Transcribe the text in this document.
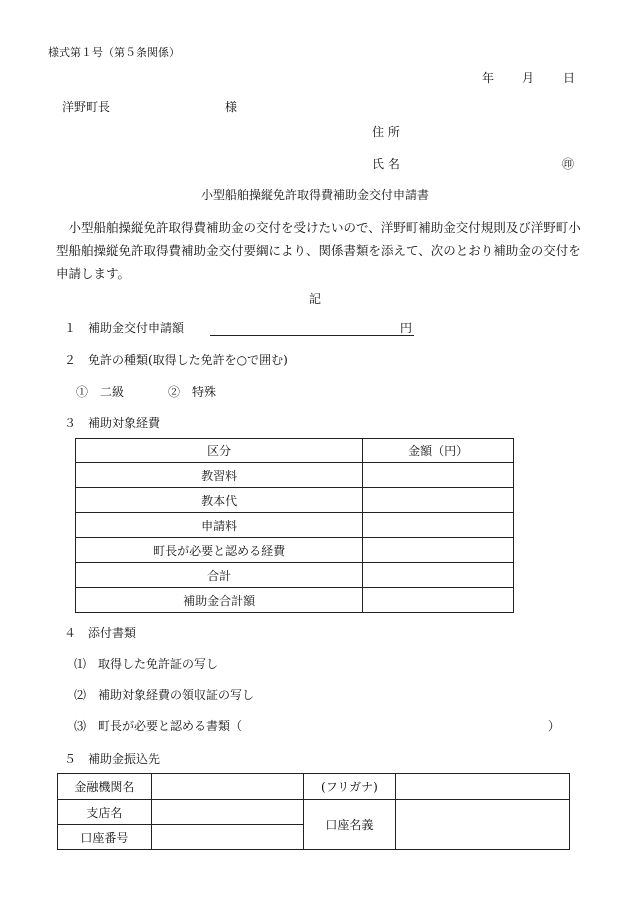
様式第１号（第５条関係）
年 月 日
洋野町長	様
住 所
氏 名	㊞
小型船舶操縦免許取得費補助金交付申請書
　小型船舶操縦免許取得費補助金の交付を受けたいので、洋野町補助金交付規則及び洋野町小型船舶操縦免許取得費補助金交付要綱により、関係書類を添えて、次のとおり補助金の交付を申請します。
記
１　補助金交付申請額	円
２　免許の種類(取得した免許を○で囲む)
①　二級	②　特殊
３　補助対象経費
区分	金額（円）
教習料	
教本代	
申請料	
町長が必要と認める経費	
合計	
補助金合計額	
４　添付書類
⑴　取得した免許証の写し
⑵　補助対象経費の領収証の写し
⑶　町長が必要と認める書類（	）
５　補助金振込先
金融機関名		(フリガナ)	
支店名		口座名義	
口座番号			
